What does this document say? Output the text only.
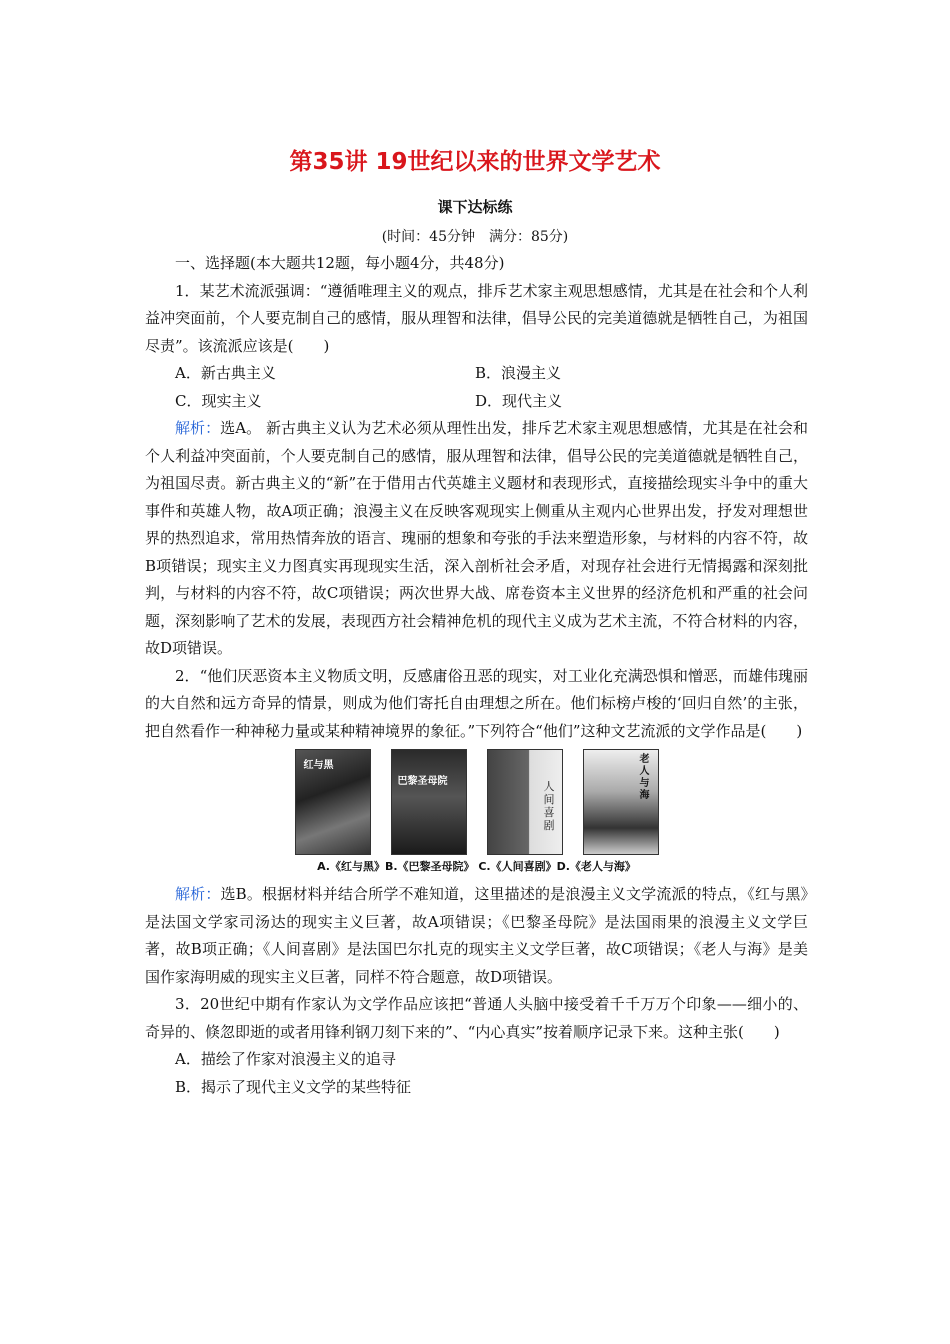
第35讲 19世纪以来的世界文学艺术
课下达标练
(时间：45分钟　满分：85分)

一、选择题(本大题共12题，每小题4分，共48分)

1．某艺术流派强调：“遵循唯理主义的观点，排斥艺术家主观思想感情，尤其是在社会和个人利益冲突面前，个人要克制自己的感情，服从理智和法律，倡导公民的完美道德就是牺牲自己，为祖国尽责”。该流派应该是(　　)

A．新古典主义	B．浪漫主义
C．现实主义	D．现代主义

解析：选A。 新古典主义认为艺术必须从理性出发，排斥艺术家主观思想感情，尤其是在社会和个人利益冲突面前，个人要克制自己的感情，服从理智和法律，倡导公民的完美道德就是牺牲自己，为祖国尽责。新古典主义的“新”在于借用古代英雄主义题材和表现形式，直接描绘现实斗争中的重大事件和英雄人物，故A项正确；浪漫主义在反映客观现实上侧重从主观内心世界出发，抒发对理想世界的热烈追求，常用热情奔放的语言、瑰丽的想象和夸张的手法来塑造形象，与材料的内容不符，故B项错误；现实主义力图真实再现现实生活，深入剖析社会矛盾，对现存社会进行无情揭露和深刻批判，与材料的内容不符，故C项错误；两次世界大战、席卷资本主义世界的经济危机和严重的社会问题，深刻影响了艺术的发展，表现西方社会精神危机的现代主义成为艺术主流，不符合材料的内容，故D项错误。

2．“他们厌恶资本主义物质文明，反感庸俗丑恶的现实，对工业化充满恐惧和憎恶，而雄伟瑰丽的大自然和远方奇异的情景，则成为他们寄托自由理想之所在。他们标榜卢梭的‘回归自然’的主张，把自然看作一种神秘力量或某种精神境界的象征。”下列符合“他们”这种文艺流派的文学作品是(　　)

红与黑
巴黎圣母院	人间喜剧
老人与海
A.《红与黑》B.《巴黎圣母院》 C.《人间喜剧》D.《老人与海》

解析：选B。根据材料并结合所学不难知道，这里描述的是浪漫主义文学流派的特点，《红与黑》是法国文学家司汤达的现实主义巨著，故A项错误；《巴黎圣母院》是法国雨果的浪漫主义文学巨著，故B项正确；《人间喜剧》是法国巴尔扎克的现实主义文学巨著，故C项错误；《老人与海》是美国作家海明威的现实主义巨著，同样不符合题意，故D项错误。

3．20世纪中期有作家认为文学作品应该把“普通人头脑中接受着千千万万个印象——细小的、奇异的、倏忽即逝的或者用锋利钢刀刻下来的”、“内心真实”按着顺序记录下来。这种主张(　　)

A．描绘了作家对浪漫主义的追寻
B．揭示了现代主义文学的某些特征
